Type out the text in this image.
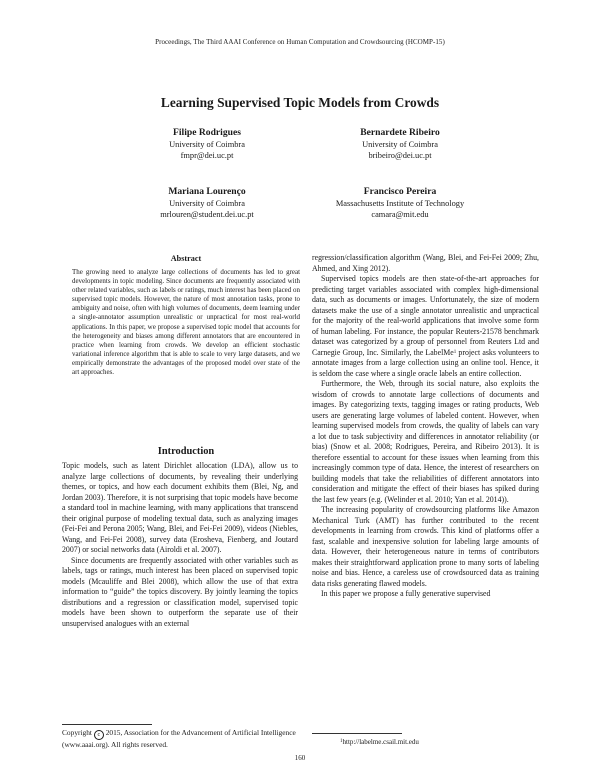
Proceedings, The Third AAAI Conference on Human Computation and Crowdsourcing (HCOMP-15)
Learning Supervised Topic Models from Crowds
Filipe Rodrigues
University of Coimbra
fmpr@dei.uc.pt
Bernardete Ribeiro
University of Coimbra
bribeiro@dei.uc.pt
Mariana Lourenço
University of Coimbra
mrlouren@student.dei.uc.pt
Francisco Pereira
Massachusetts Institute of Technology
camara@mit.edu
Abstract

The growing need to analyze large collections of documents has led to great developments in topic modeling. Since documents are frequently associated with other related variables, such as labels or ratings, much interest has been placed on supervised topic models. However, the nature of most annotation tasks, prone to ambiguity and noise, often with high volumes of documents, deem learning under a single-annotator assumption unrealistic or unpractical for most real-world applications. In this paper, we propose a supervised topic model that accounts for the heterogeneity and biases among different annotators that are encountered in practice when learning from crowds. We develop an efficient stochastic variational inference algorithm that is able to scale to very large datasets, and we empirically demonstrate the advantages of the proposed model over state of the art approaches.

Introduction

Topic models, such as latent Dirichlet allocation (LDA), allow us to analyze large collections of documents, by revealing their underlying themes, or topics, and how each document exhibits them (Blei, Ng, and Jordan 2003). Therefore, it is not surprising that topic models have become a standard tool in machine learning, with many applications that transcend their original purpose of modeling textual data, such as analyzing images (Fei-Fei and Perona 2005; Wang, Blei, and Fei-Fei 2009), videos (Niebles, Wang, and Fei-Fei 2008), survey data (Erosheva, Fienberg, and Joutard 2007) or social networks data (Airoldi et al. 2007).

Since documents are frequently associated with other variables such as labels, tags or ratings, much interest has been placed on supervised topic models (Mcauliffe and Blei 2008), which allow the use of that extra information to “guide” the topics discovery. By jointly learning the topics distributions and a regression or classification model, supervised topic models have been shown to outperform the separate use of their unsupervised analogues with an external

regression/classification algorithm (Wang, Blei, and Fei-Fei 2009; Zhu, Ahmed, and Xing 2012).

Supervised topics models are then state-of-the-art approaches for predicting target variables associated with complex high-dimensional data, such as documents or images. Unfortunately, the size of modern datasets make the use of a single annotator unrealistic and unpractical for the majority of the real-world applications that involve some form of human labeling. For instance, the popular Reuters-21578 benchmark dataset was categorized by a group of personnel from Reuters Ltd and Carnegie Group, Inc. Similarly, the LabelMe$^1$ project asks volunteers to annotate images from a large collection using an online tool. Hence, it is seldom the case where a single oracle labels an entire collection.

Furthermore, the Web, through its social nature, also exploits the wisdom of crowds to annotate large collections of documents and images. By categorizing texts, tagging images or rating products, Web users are generating large volumes of labeled content. However, when learning supervised models from crowds, the quality of labels can vary a lot due to task subjectivity and differences in annotator reliability (or bias) (Snow et al. 2008; Rodrigues, Pereira, and Ribeiro 2013). It is therefore essential to account for these issues when learning from this increasingly common type of data. Hence, the interest of researchers on building models that take the reliabilities of different annotators into consideration and mitigate the effect of their biases has spiked during the last few years (e.g. (Welinder et al. 2010; Yan et al. 2014)).

The increasing popularity of crowdsourcing platforms like Amazon Mechanical Turk (AMT) has further contributed to the recent developments in learning from crowds. This kind of platforms offer a fast, scalable and inexpensive solution for labeling large amounts of data. However, their heterogeneous nature in terms of contributors makes their straightforward application prone to many sorts of labeling noise and bias. Hence, a careless use of crowdsourced data as training data risks generating flawed models.

In this paper we propose a fully generative supervised

Copyright c 2015, Association for the Advancement of Artificial Intelligence (www.aaai.org). All rights reserved.	$^1$http://labelme.csail.mit.edu
160
